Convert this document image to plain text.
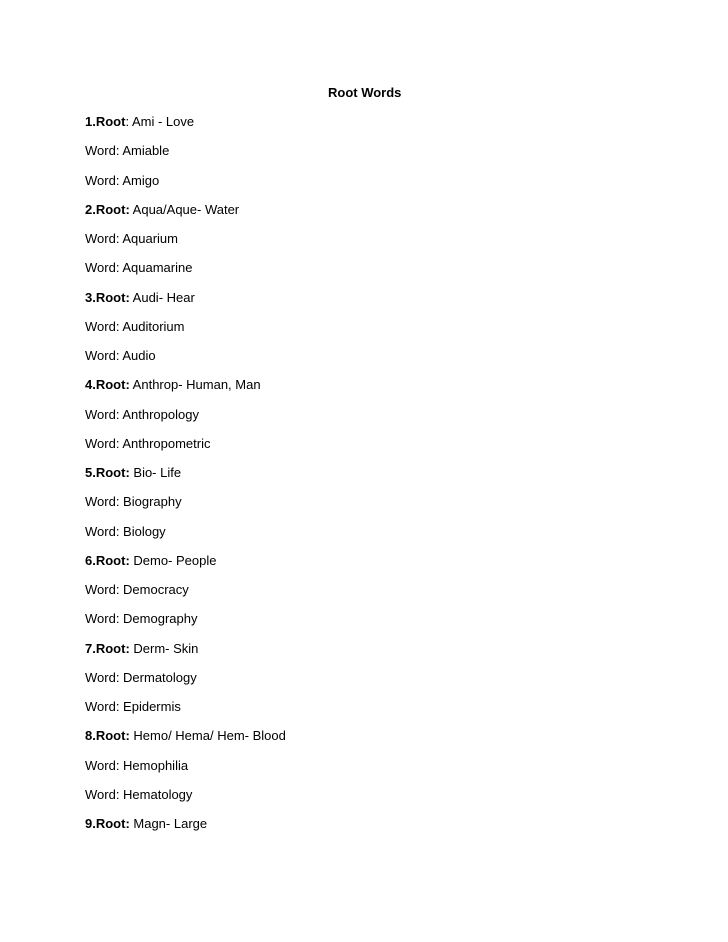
Root Words
1.Root: Ami - Love
Word: Amiable
Word: Amigo
2.Root: Aqua/Aque- Water
Word: Aquarium
Word: Aquamarine
3.Root: Audi- Hear
Word: Auditorium
Word: Audio
4.Root: Anthrop- Human, Man
Word: Anthropology
Word: Anthropometric
5.Root: Bio- Life
Word: Biography
Word: Biology
6.Root: Demo- People
Word: Democracy
Word: Demography
7.Root: Derm- Skin
Word: Dermatology
Word: Epidermis
8.Root: Hemo/ Hema/ Hem- Blood
Word: Hemophilia
Word: Hematology
9.Root: Magn- Large
